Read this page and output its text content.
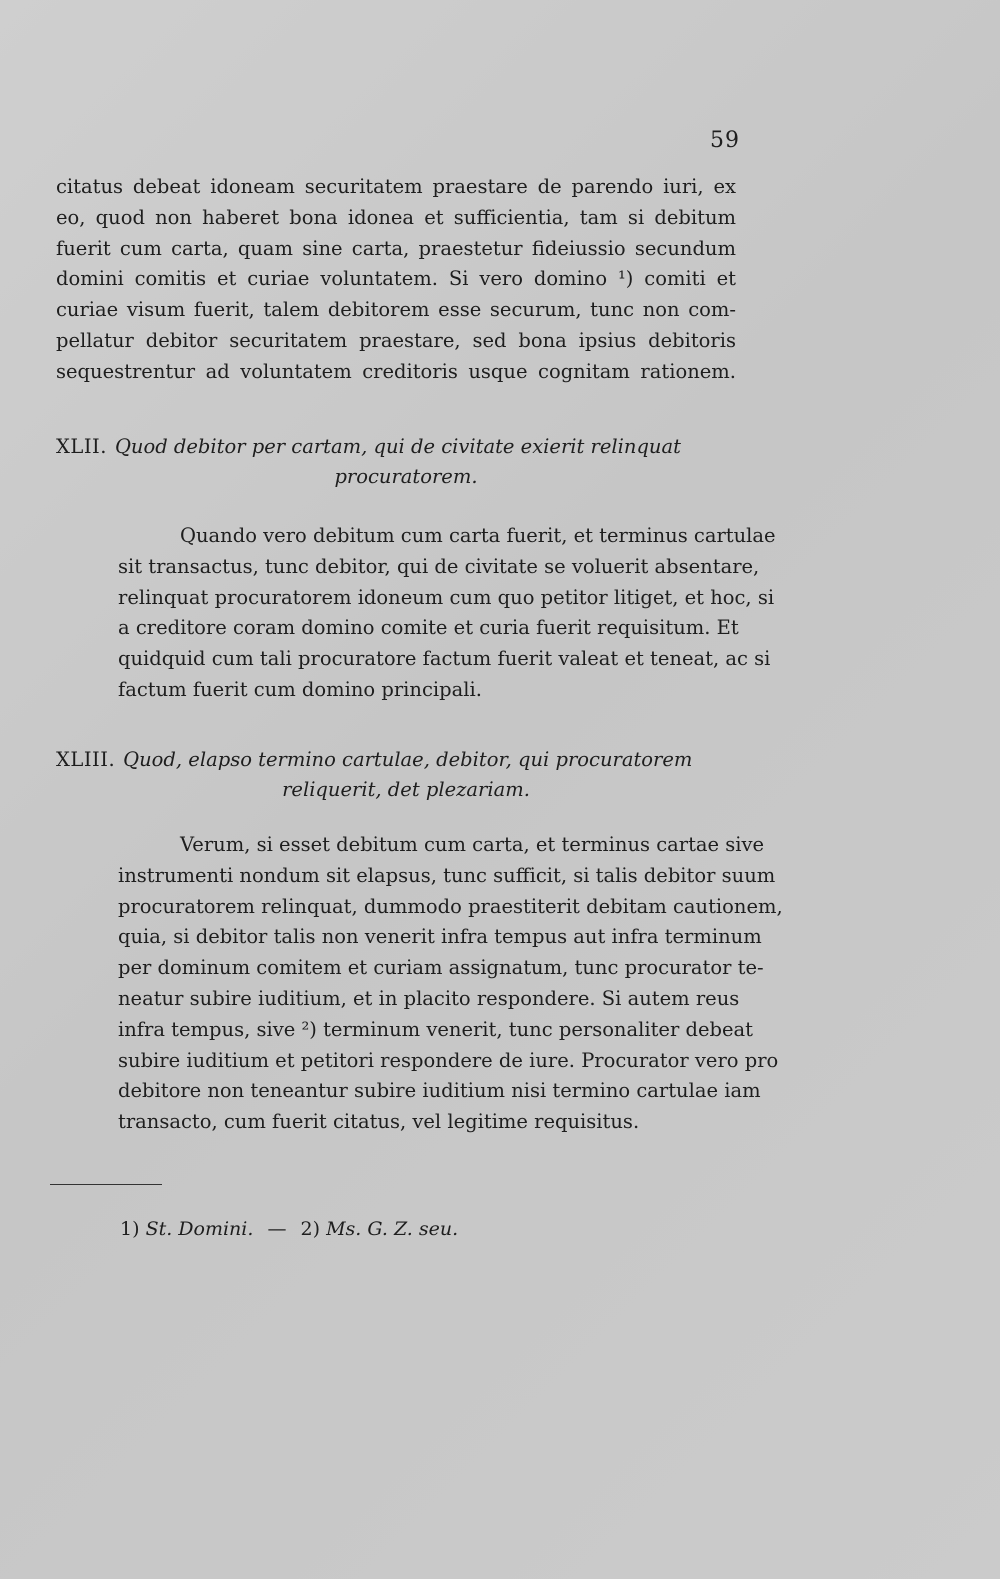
59
citatus debeat idoneam securitatem praestare de parendo iuri, ex
eo, quod non haberet bona idonea et sufficientia, tam si debitum
fuerit cum carta, quam sine carta, praestetur fideiussio secundum
domini comitis et curiae voluntatem. Si vero domino ¹) comiti et
curiae visum fuerit, talem debitorem esse securum, tunc non com-
pellatur debitor securitatem praestare, sed bona ipsius debitoris
sequestrentur ad voluntatem creditoris usque cognitam rationem.
XLII. Quod debitor per cartam, qui de civitate exierit relinquat
procuratorem.
Quando vero debitum cum carta fuerit, et terminus cartulae
sit transactus, tunc debitor, qui de civitate se voluerit absentare,
relinquat procuratorem idoneum cum quo petitor litiget, et hoc, si
a creditore coram domino comite et curia fuerit requisitum. Et
quidquid cum tali procuratore factum fuerit valeat et teneat, ac si
factum fuerit cum domino principali.
XLIII. Quod, elapso termino cartulae, debitor, qui procuratorem
reliquerit, det plezariam.
Verum, si esset debitum cum carta, et terminus cartae sive
instrumenti nondum sit elapsus, tunc sufficit, si talis debitor suum
procuratorem relinquat, dummodo praestiterit debitam cautionem,
quia, si debitor talis non venerit infra tempus aut infra terminum
per dominum comitem et curiam assignatum, tunc procurator te-
neatur subire iuditium, et in placito respondere. Si autem reus
infra tempus, sive ²) terminum venerit, tunc personaliter debeat
subire iuditium et petitori respondere de iure. Procurator vero pro
debitore non teneantur subire iuditium nisi termino cartulae iam
transacto, cum fuerit citatus, vel legitime requisitus.
1) St. Domini. — 2) Ms. G. Z. seu.
